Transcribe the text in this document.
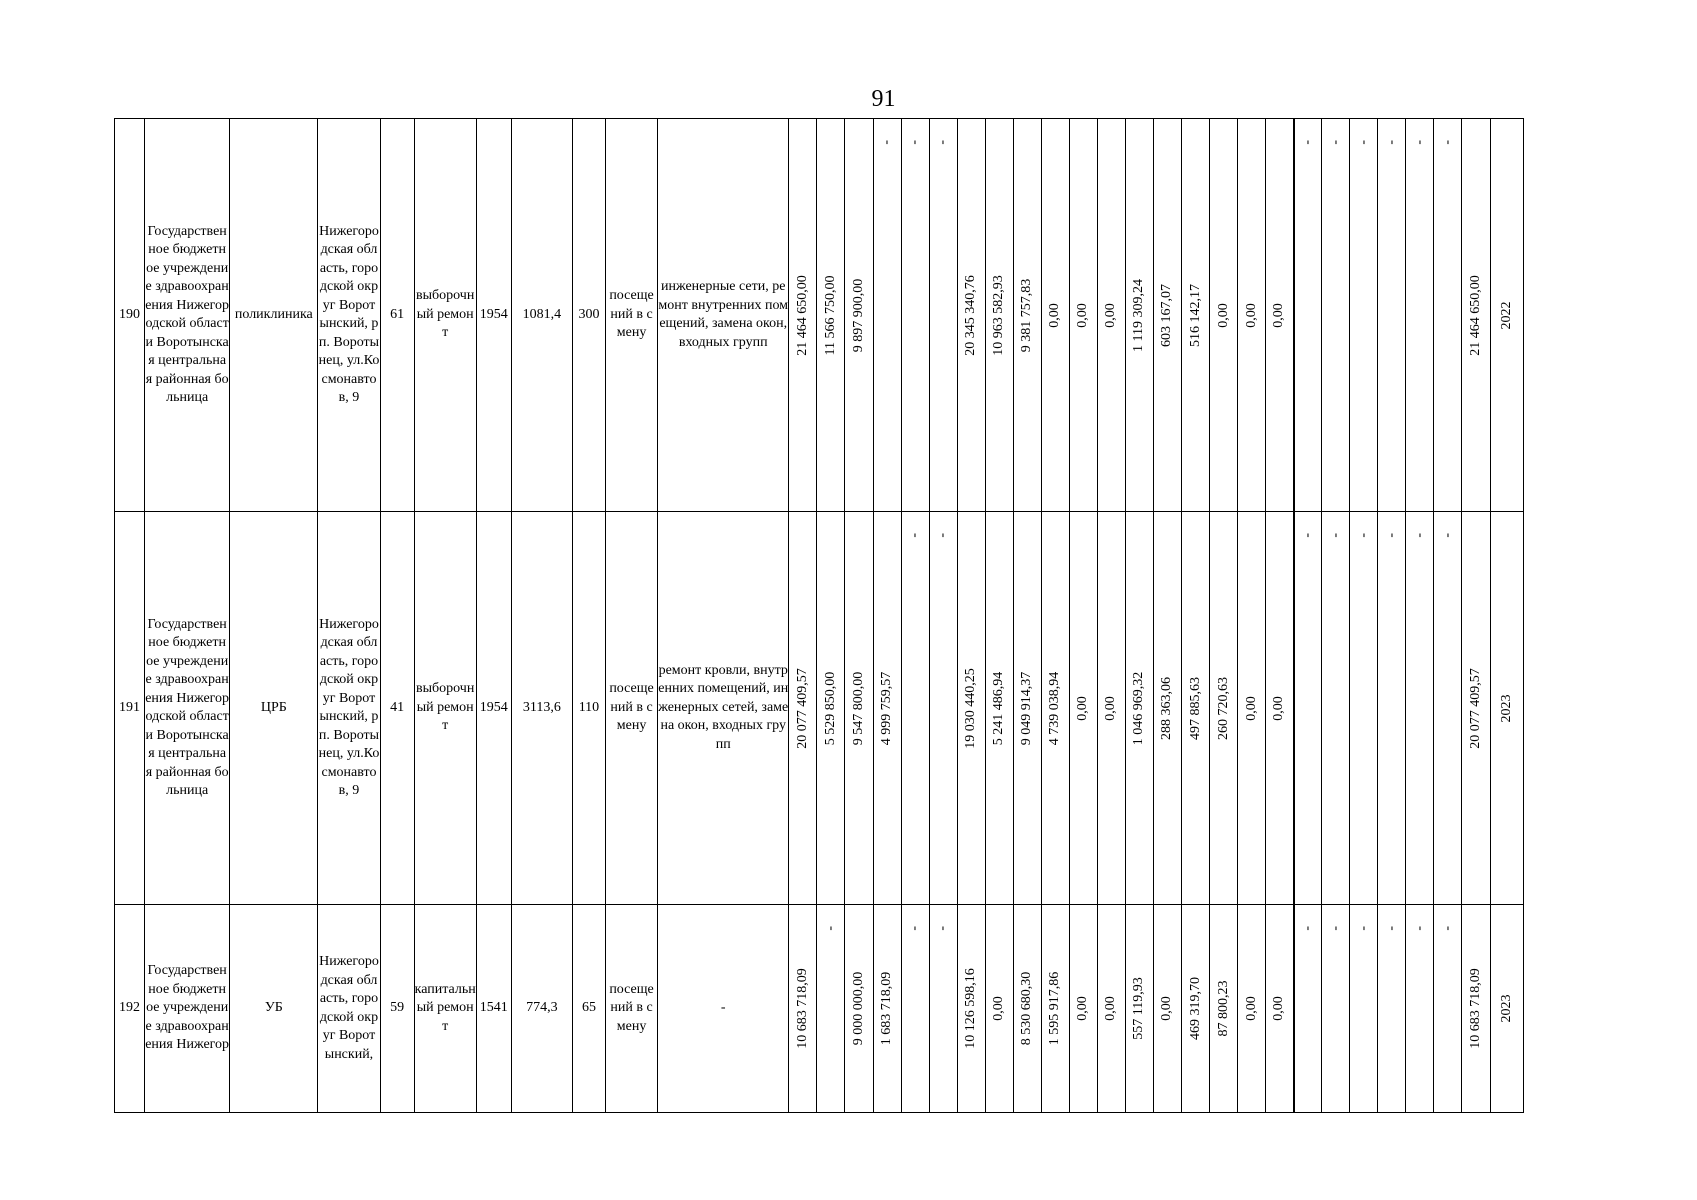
91
190	Государственное бюджетное учреждение здравоохранения Нижегородской области Воротынская центральная районная больница	поликлиника	Нижегородская область, городской округ Воротынский, рп. Воротынец, ул.Космонавтов, 9	61	выборочный ремонт	1954	1081,4	300	посещений в смену	инженерные сети, ремонт внутренних помещений, замена окон, входных групп	21 464 650,00	11 566 750,00	9 897 900,00	-	-	-	20 345 340,76	10 963 582,93	9 381 757,83	0,00	0,00	0,00	1 119 309,24	603 167,07	516 142,17	0,00	0,00	0,00	-	-	-	-	-	-	21 464 650,00	2022

191	Государственное бюджетное учреждение здравоохранения Нижегородской области Воротынская центральная районная больница	ЦРБ	Нижегородская область, городской округ Воротынский, рп. Воротынец, ул.Космонавтов, 9	41	выборочный ремонт	1954	3113,6	110	посещений в смену	ремонт кровли, внутренних помещений, инженерных сетей, замена окон, входных групп	20 077 409,57	5 529 850,00	9 547 800,00	4 999 759,57	-	-	19 030 440,25	5 241 486,94	9 049 914,37	4 739 038,94	0,00	0,00	1 046 969,32	288 363,06	497 885,63	260 720,63	0,00	0,00	-	-	-	-	-	-	20 077 409,57	2023

192	Государственное бюджетное учреждение здравоохранения Нижегор	УБ	Нижегородская область, городской округ Воротынский,	59	капитальный ремонт	1541	774,3	65	посещений в смену	-	10 683 718,09	-	9 000 000,00	1 683 718,09	-	-	10 126 598,16	0,00	8 530 680,30	1 595 917,86	0,00	0,00	557 119,93	0,00	469 319,70	87 800,23	0,00	0,00	-	-	-	-	-	-	10 683 718,09	2023
